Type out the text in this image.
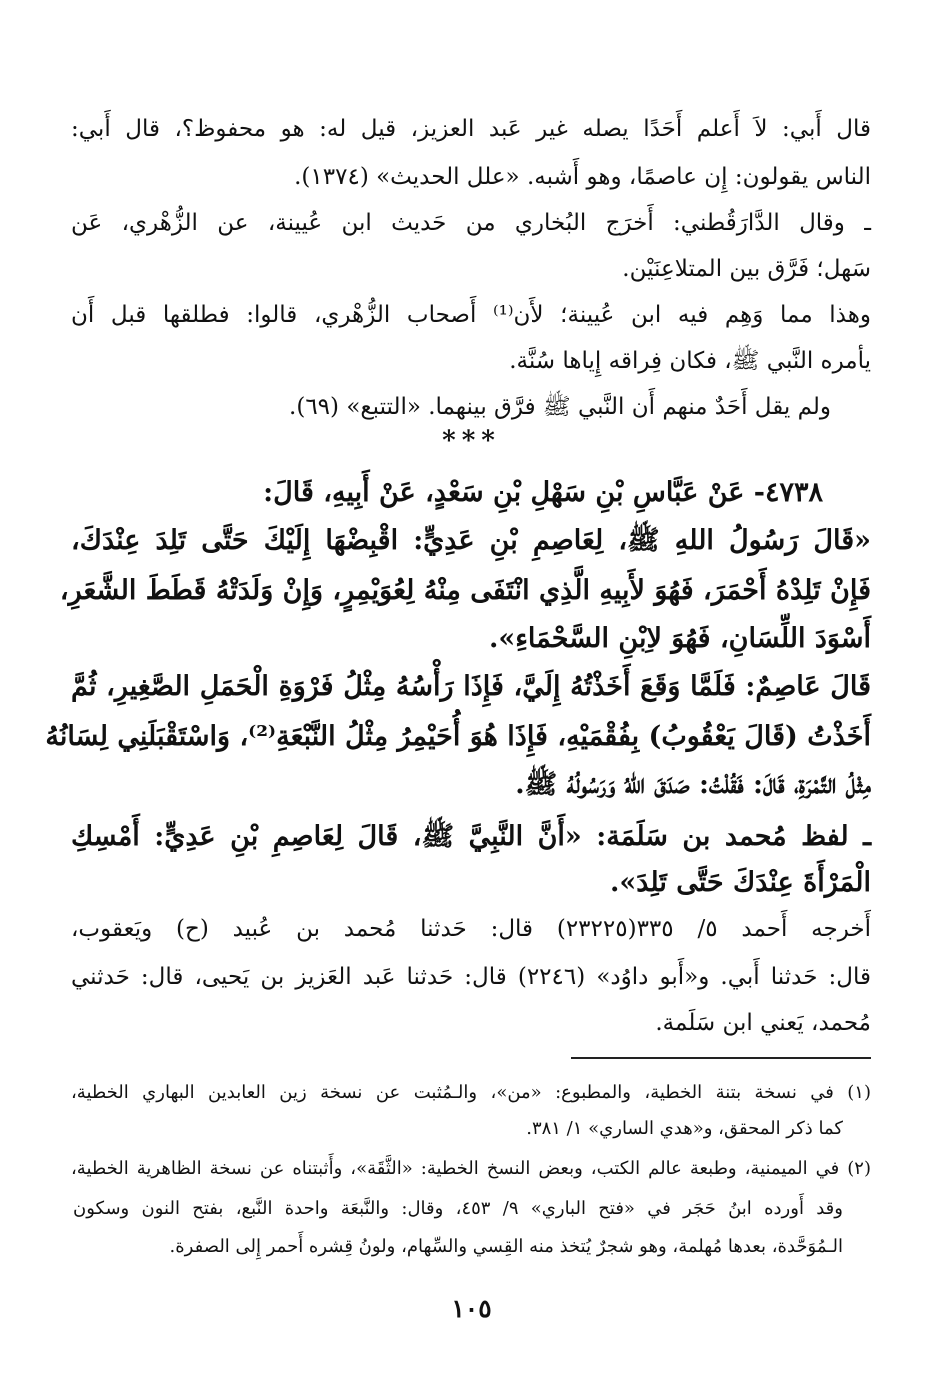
قال أَبي: لاَ أَعلم أَحَدًا يصله غير عَبد العزيز، قيل له: هو محفوظ؟، قال أَبي:
الناس يقولون: إِن عاصمًا، وهو أَشبه. «علل الحديث» (١٣٧٤).
ـ وقال الدَّارَقُطني: أَخرَج البُخاري من حَديث ابن عُيينة، عن الزُّهْري، عَن
سَهل؛ فَرَّق بين المتلاعِنَيْن.
وهذا مما وَهِم فيه ابن عُيينة؛ لأَن⁽¹⁾ أَصحاب الزُّهْري، قالوا: فطلقها قبل أَن
يأمره النَّبي ﷺ، فكان فِراقه إِياها سُنَّة.
ولم يقل أَحَدٌ منهم أَن النَّبي ﷺ فرَّق بينهما. «التتبع» (٦٩).
***
٤٧٣٨- عَنْ عَبَّاسِ بْنِ سَهْلِ بْنِ سَعْدٍ، عَنْ أَبِيهِ، قَالَ:
«قَالَ رَسُولُ اللهِ ﷺ، لِعَاصِمِ بْنِ عَدِيٍّ: اقْبِضْهَا إِلَيْكَ حَتَّى تَلِدَ عِنْدَكَ،
فَإِنْ تَلِدْهُ أَحْمَرَ، فَهُوَ لأَبِيهِ الَّذِي انْتَفَى مِنْهُ لِعُوَيْمِرٍ، وَإِنْ وَلَدَتْهُ قَطَطَ الشَّعَرِ،
أَسْوَدَ اللِّسَانِ، فَهُوَ لاِبْنِ السَّحْمَاءِ».
قَالَ عَاصِمٌ: فَلَمَّا وَقَعَ أَخَذْتُهُ إِلَيَّ، فَإِذَا رَأْسُهُ مِثْلُ فَرْوَةِ الْحَمَلِ الصَّغِيرِ، ثُمَّ
أَخَذْتُ (قَالَ يَعْقُوبُ) بِفُقْمَيْهِ، فَإِذَا هُوَ أُحَيْمِرُ مِثْلُ النَّبْعَةِ⁽²⁾، وَاسْتَقْبَلَنِي لِسَانُهُ
مِثْلُ التَّمْرَةِ، قَالَ: فَقُلْتُ: صَدَقَ اللهُ وَرَسُولُهُ ﷺ.
ـ لفظ مُحمد بن سَلَمَة: «أَنَّ النَّبِيَّ ﷺ، قَالَ لِعَاصِمِ بْنِ عَدِيٍّ: أَمْسِكِ
الْمَرْأَةَ عِنْدَكَ حَتَّى تَلِدَ».
أَخرجه أَحمد ٥/ ٣٣٥(٢٣٢٢٥) قال: حَدثنا مُحمد بن عُبيد (ح) ويَعقوب،
قال: حَدثنا أَبي. و«أَبو داوُد» (٢٢٤٦) قال: حَدثنا عَبد العَزيز بن يَحيى، قال: حَدثني
مُحمد، يَعني ابن سَلَمة.
(١) في نسخة بتنة الخطية، والمطبوع: «من»، والـمُثبت عن نسخة زين العابدين البهاري الخطية،
كما ذكر المحقق، و«هدي الساري» ١/ ٣٨١.
(٢) في الميمنية، وطبعة عالم الكتب، وبعض النسخ الخطية: «الثَّقَة»، وأَثبتناه عن نسخة الظاهرية الخطية،
وقد أَورده ابنُ حَجَر في «فتح الباري» ٩/ ٤٥٣، وقال: والنَّبعَة واحدة النَّبع، بفتح النون وسكون
الـمُوَحَّدة، بعدها مُهلمة، وهو شجرٌ يُتخذ منه القِسي والسِّهام، ولونُ قِشره أَحمر إِلى الصفرة.
١٠٥
